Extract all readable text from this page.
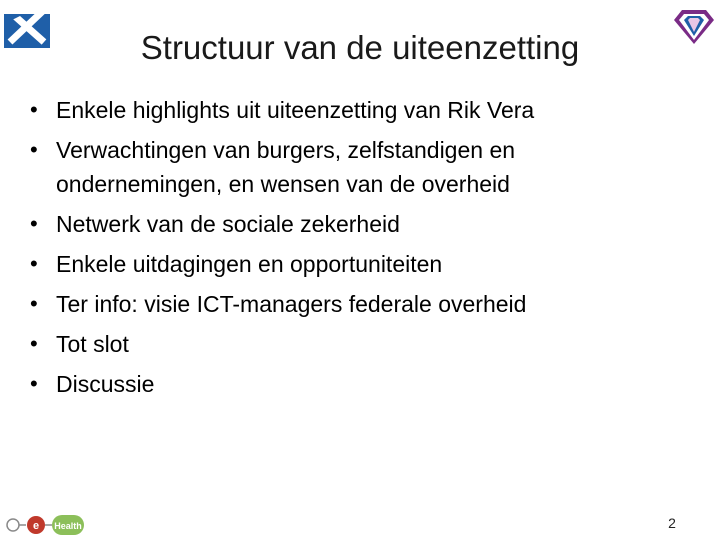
Structuur van de uiteenzetting
• Enkele highlights uit uiteenzetting van Rik Vera
• Verwachtingen van burgers, zelfstandigen en ondernemingen, en wensen van de overheid
• Netwerk van de sociale zekerheid
• Enkele uitdagingen en opportuniteiten
• Ter info: visie ICT-managers federale overheid
• Tot slot
• Discussie
e Health	2
